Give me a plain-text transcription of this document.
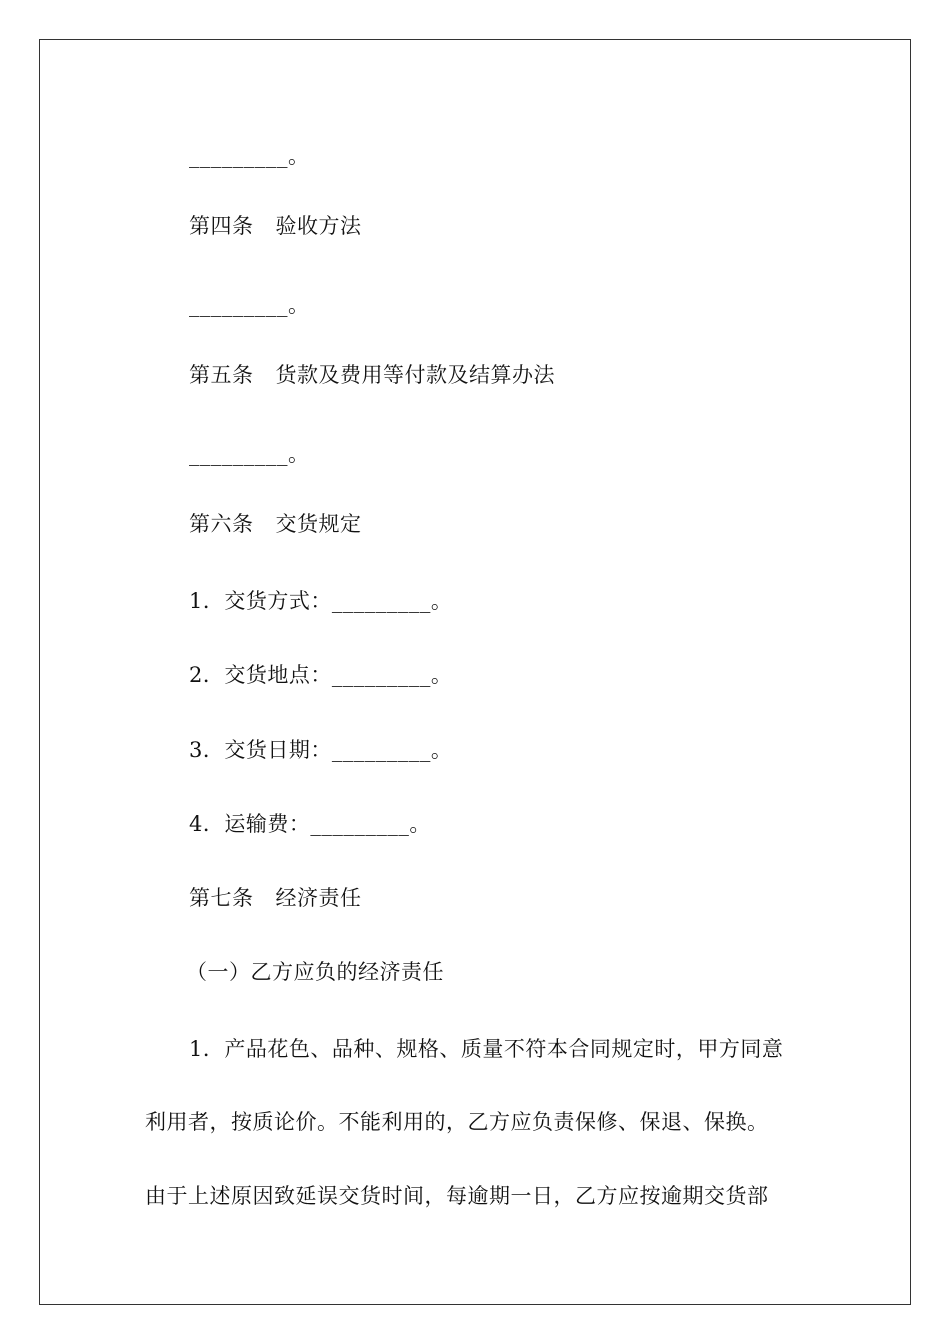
_________。
第四条 验收方法
_________。
第五条 货款及费用等付款及结算办法
_________。
第六条 交货规定
1．交货方式：_________。
2．交货地点：_________。
3．交货日期：_________。
4．运输费：_________。
第七条 经济责任
（一）乙方应负的经济责任
1．产品花色、品种、规格、质量不符本合同规定时，甲方同意
利用者，按质论价。不能利用的，乙方应负责保修、保退、保换。
由于上述原因致延误交货时间，每逾期一日，乙方应按逾期交货部
